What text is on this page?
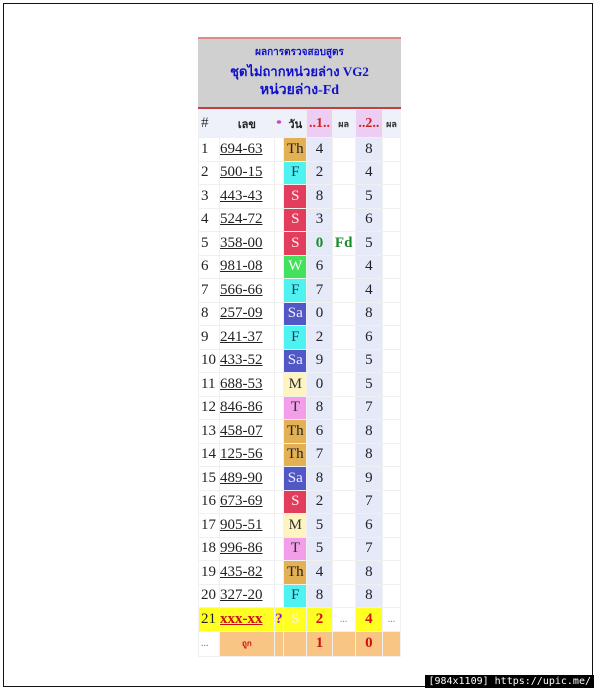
ผลการตรวจสอบสูตร
ชุดไม่ถากหน่วยล่าง VG2
หน่วยล่าง-Fd
#	เลข	*	วัน	..1..	ผล	..2..	ผล
1	694-63		Th	4		8	
2	500-15		F	2		4	
3	443-43		S	8		5	
4	524-72		S	3		6	
5	358-00		S	0	Fd	5	
6	981-08		W	6		4	
7	566-66		F	7		4	
8	257-09		Sa	0		8	
9	241-37		F	2		6	
10	433-52		Sa	9		5	
11	688-53		M	0		5	
12	846-86		T	8		7	
13	458-07		Th	6		8	
14	125-56		Th	7		8	
15	489-90		Sa	8		9	
16	673-69		S	2		7	
17	905-51		M	5		6	
18	996-86		T	5		7	
19	435-82		Th	4		8	
20	327-20		F	8		8	
21	xxx-xx	?	S	2	...	4	...
...	ถูก			1		0	
[984x1109] https://upic.me/
